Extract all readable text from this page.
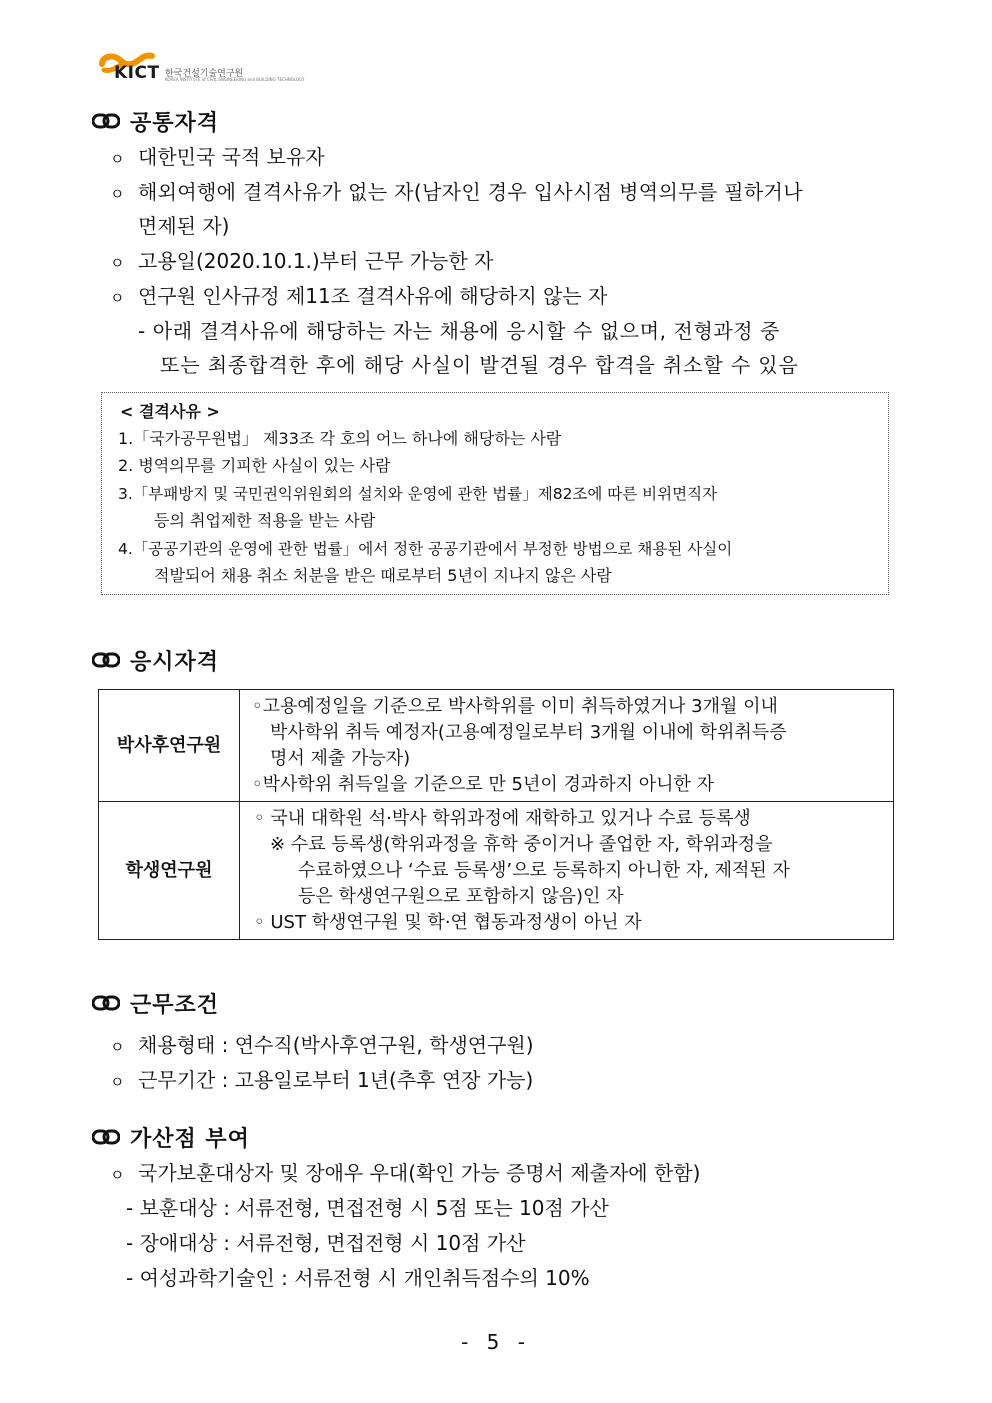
KICT 한국건설기술연구원
KOREA INSTITUTE of CIVIL ENGINEERING and BUILDING TECHNOLOGY
공통자격
ㅇ 대한민국 국적 보유자
ㅇ 해외여행에 결격사유가 없는 자(남자인 경우 입사시점 병역의무를 필하거나
면제된 자)
ㅇ 고용일(2020.10.1.)부터 근무 가능한 자
ㅇ 연구원 인사규정 제11조 결격사유에 해당하지 않는 자
- 아래 결격사유에 해당하는 자는 채용에 응시할 수 없으며, 전형과정 중
또는 최종합격한 후에 해당 사실이 발견될 경우 합격을 취소할 수 있음
< 결격사유 >
1.「국가공무원법」 제33조 각 호의 어느 하나에 해당하는 사람
2. 병역의무를 기피한 사실이 있는 사람
3.「부패방지 및 국민권익위원회의 설치와 운영에 관한 법률」제82조에 따른 비위면직자
등의 취업제한 적용을 받는 사람
4.「공공기관의 운영에 관한 법률」에서 정한 공공기관에서 부정한 방법으로 채용된 사실이
적발되어 채용 취소 처분을 받은 때로부터 5년이 지나지 않은 사람
응시자격
박사후연구원	◦고용예정일을 기준으로 박사학위를 이미 취득하였거나 3개월 이내
박사학위 취득 예정자(고용예정일로부터 3개월 이내에 학위취득증
명서 제출 가능자)
◦박사학위 취득일을 기준으로 만 5년이 경과하지 아니한 자

학생연구원	◦ 국내 대학원 석·박사 학위과정에 재학하고 있거나 수료 등록생
※ 수료 등록생(학위과정을 휴학 중이거나 졸업한 자, 학위과정을
수료하였으나 ‘수료 등록생’으로 등록하지 아니한 자, 제적된 자
등은 학생연구원으로 포함하지 않음)인 자
◦ UST 학생연구원 및 학·연 협동과정생이 아닌 자
근무조건
ㅇ 채용형태 : 연수직(박사후연구원, 학생연구원)
ㅇ 근무기간 : 고용일로부터 1년(추후 연장 가능)
가산점 부여
ㅇ 국가보훈대상자 및 장애우 우대(확인 가능 증명서 제출자에 한함)
- 보훈대상 : 서류전형, 면접전형 시 5점 또는 10점 가산
- 장애대상 : 서류전형, 면접전형 시 10점 가산
- 여성과학기술인 : 서류전형 시 개인취득점수의 10%
- 5 -
